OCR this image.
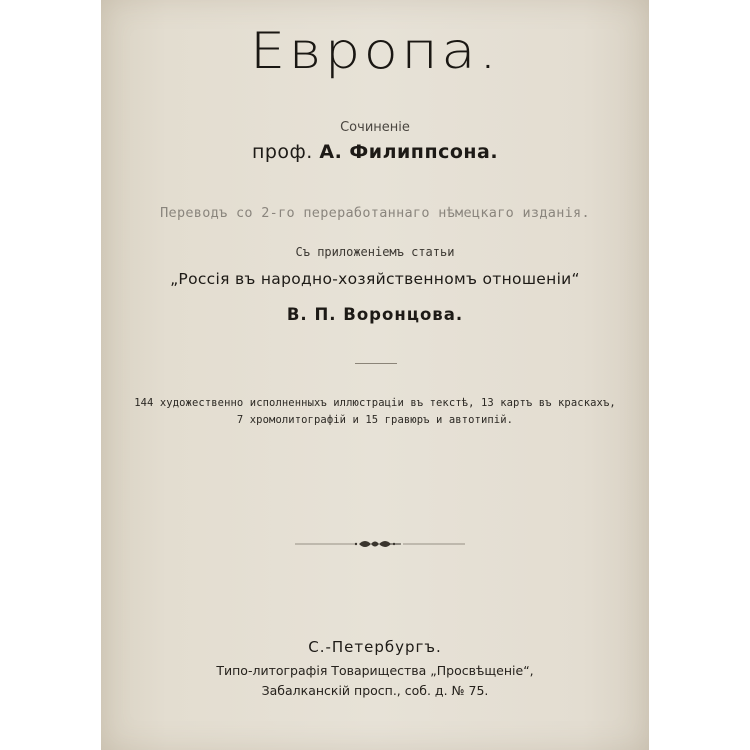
Европа.
Сочиненіе
проф. А. Филиппсона.
Переводъ со 2-го переработаннаго нѣмецкаго изданія.
Съ приложеніемъ статьи
„Россія въ народно-хозяйственномъ отношеніи“
В. П. Воронцова.
144 художественно исполненныхъ иллюстраціи въ текстѣ, 13 картъ въ краскахъ,
7 хромолитографій и 15 гравюръ и автотипій.
С.-Петербургъ.
Типо-литографія Товарищества „Просвѣщеніе“,
Забалканскій просп., соб. д. № 75.
